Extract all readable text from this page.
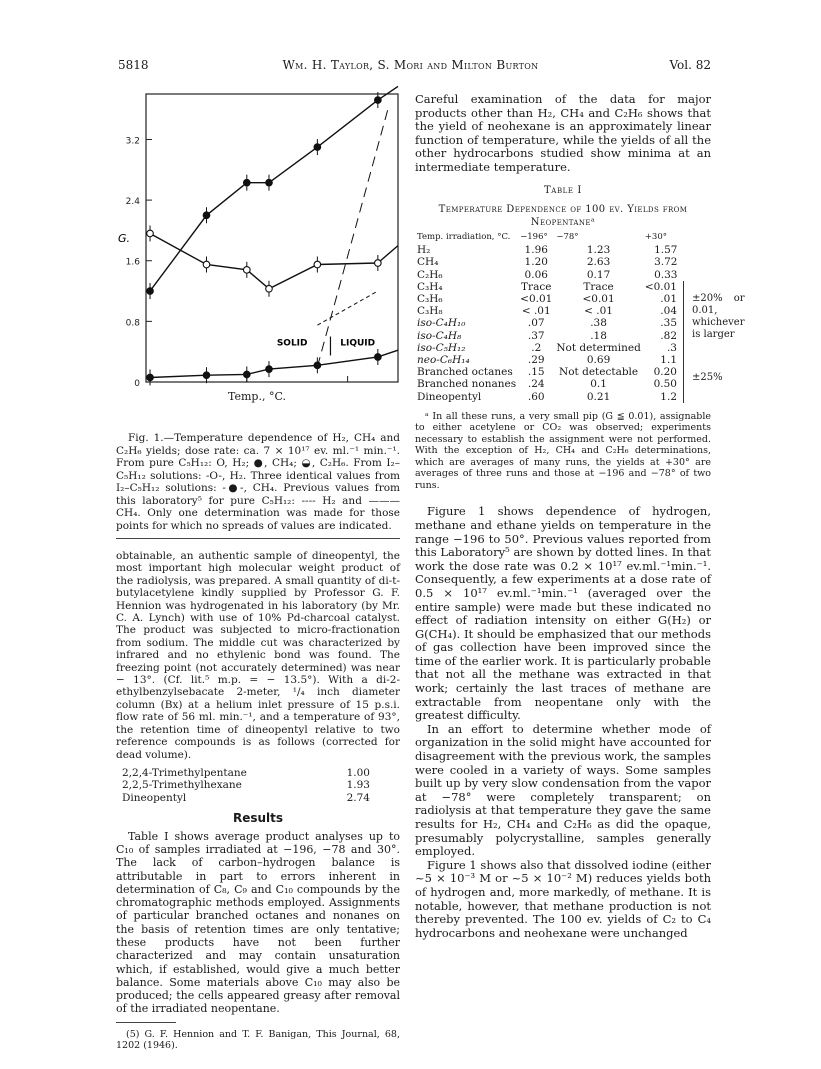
5818	Wm. H. Taylor, S. Mori and Milton Burton	Vol. 82
0
0.8
1.6
2.4
3.2
G.
SOLID	LIQUID
Temp., °C.

Fig. 1.—Temperature dependence of H₂, CH₄ and C₂H₆ yields; dose rate: ca. 7 × 10¹⁷ ev. ml.⁻¹ min.⁻¹. From pure C₅H₁₂: O, H₂; ●, CH₄; ◒, C₂H₆. From I₂–C₅H₁₂ solutions: -O-, H₂. Three identical values from I₂–C₅H₁₂ solutions: -●-, CH₄. Previous values from this laboratory⁵ for pure C₅H₁₂: ---- H₂ and ——— CH₄. Only one determination was made for those points for which no spreads of values are indicated.

obtainable, an authentic sample of dineopentyl, the most important high molecular weight product of the radiolysis, was prepared. A small quantity of di-t-butylacetylene kindly supplied by Professor G. F. Hennion was hydrogenated in his laboratory (by Mr. C. A. Lynch) with use of 10% Pd-charcoal catalyst. The product was subjected to micro-fractionation from sodium. The middle cut was characterized by infrared and no ethylenic bond was found. The freezing point (not accurately determined) was near − 13°. (Cf. lit.⁵ m.p. = − 13.5°). With a di-2-ethylbenzylsebacate 2-meter, ¹/₄ inch diameter column (Bx) at a helium inlet pressure of 15 p.s.i. flow rate of 56 ml. min.⁻¹, and a temperature of 93°, the retention time of dineopentyl relative to two reference compounds is as follows (corrected for dead volume).

2,2,4-Trimethylpentane	1.00
2,2,5-Trimethylhexane	1.93
Dineopentyl	2.74
Results

Table I shows average product analyses up to C₁₀ of samples irradiated at −196, −78 and 30°. The lack of carbon–hydrogen balance is attributable in part to errors inherent in determination of C₈, C₉ and C₁₀ compounds by the chromatographic methods employed. Assignments of particular branched octanes and nonanes on the basis of retention times are only tentative; these products have not been further characterized and may contain unsaturation which, if established, would give a much better balance. Some materials above C₁₀ may also be produced; the cells appeared greasy after removal of the irradiated neopentane.

(5) G. F. Hennion and T. F. Banigan, This Journal, 68, 1202 (1946).

Careful examination of the data for major products other than H₂, CH₄ and C₂H₆ shows that the yield of neohexane is an approximately linear function of temperature, while the yields of all the other hydrocarbons studied show minima at an intermediate temperature.

Table I
Temperature Dependence of 100 ev. Yields from Neopentaneᵃ
Temp. irradiation, °C.	−196°	−78°	+30°	
H₂	1.96	1.23	1.57	
CH₄	1.20	2.63	3.72	
C₂H₆	0.06	0.17	0.33	
C₃H₄	Trace	Trace	<0.01	±20% or 0.01, whichever is larger
C₃H₆	<0.01	<0.01	.01	
C₃H₈	< .01	< .01	.04	
iso-C₄H₁₀	.07	.38	.35	
iso-C₄H₈	.37	.18	.82	
iso-C₅H₁₂	.2	Not determined	.3	
neo-C₆H₁₄	.29	0.69	1.1	±25%
Branched octanes	.15	Not detectable	0.20	
Branched nonanes	.24	0.1	0.50	
Dineopentyl	.60	0.21	1.2	

ᵃ In all these runs, a very small pip (G ≦ 0.01), assignable to either acetylene or CO₂ was observed; experiments necessary to establish the assignment were not performed. With the exception of H₂, CH₄ and C₂H₆ determinations, which are averages of many runs, the yields at +30° are averages of three runs and those at −196 and −78° of two runs.

Figure 1 shows dependence of hydrogen, methane and ethane yields on temperature in the range −196 to 50°. Previous values reported from this Laboratory⁵ are shown by dotted lines. In that work the dose rate was 0.2 × 10¹⁷ ev.ml.⁻¹min.⁻¹. Consequently, a few experiments at a dose rate of 0.5 × 10¹⁷ ev.ml.⁻¹min.⁻¹ (averaged over the entire sample) were made but these indicated no effect of radiation intensity on either G(H₂) or G(CH₄). It should be emphasized that our methods of gas collection have been improved since the time of the earlier work. It is particularly probable that not all the methane was extracted in that work; certainly the last traces of methane are extractable from neopentane only with the greatest difficulty.

In an effort to determine whether mode of organization in the solid might have accounted for disagreement with the previous work, the samples were cooled in a variety of ways. Some samples built up by very slow condensation from the vapor at −78° were completely transparent; on radiolysis at that temperature they gave the same results for H₂, CH₄ and C₂H₆ as did the opaque, presumably polycrystalline, samples generally employed.

Figure 1 shows also that dissolved iodine (either ~5 × 10⁻³ M or ~5 × 10⁻² M) reduces yields both of hydrogen and, more markedly, of methane. It is notable, however, that methane production is not thereby prevented. The 100 ev. yields of C₂ to C₄ hydrocarbons and neohexane were unchanged
